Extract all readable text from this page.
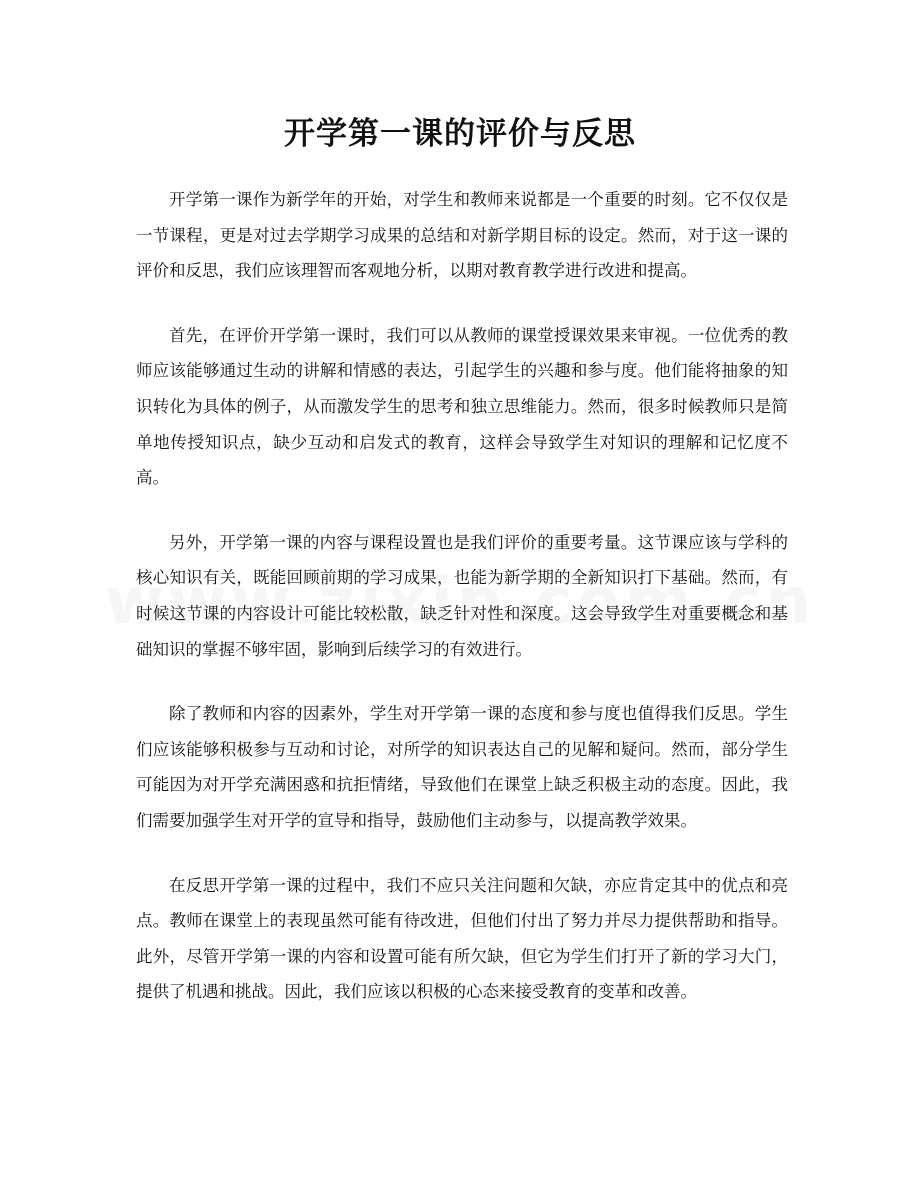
开学第一课的评价与反思

开学第一课作为新学年的开始，对学生和教师来说都是一个重要的时刻。它不仅仅是一节课程，更是对过去学期学习成果的总结和对新学期目标的设定。然而，对于这一课的评价和反思，我们应该理智而客观地分析，以期对教育教学进行改进和提高。

首先，在评价开学第一课时，我们可以从教师的课堂授课效果来审视。一位优秀的教师应该能够通过生动的讲解和情感的表达，引起学生的兴趣和参与度。他们能将抽象的知识转化为具体的例子，从而激发学生的思考和独立思维能力。然而，很多时候教师只是简单地传授知识点，缺少互动和启发式的教育，这样会导致学生对知识的理解和记忆度不高。

另外，开学第一课的内容与课程设置也是我们评价的重要考量。这节课应该与学科的核心知识有关，既能回顾前期的学习成果，也能为新学期的全新知识打下基础。然而，有时候这节课的内容设计可能比较松散，缺乏针对性和深度。这会导致学生对重要概念和基础知识的掌握不够牢固，影响到后续学习的有效进行。

除了教师和内容的因素外，学生对开学第一课的态度和参与度也值得我们反思。学生们应该能够积极参与互动和讨论，对所学的知识表达自己的见解和疑问。然而，部分学生可能因为对开学充满困惑和抗拒情绪，导致他们在课堂上缺乏积极主动的态度。因此，我们需要加强学生对开学的宣导和指导，鼓励他们主动参与，以提高教学效果。

在反思开学第一课的过程中，我们不应只关注问题和欠缺，亦应肯定其中的优点和亮点。教师在课堂上的表现虽然可能有待改进，但他们付出了努力并尽力提供帮助和指导。此外，尽管开学第一课的内容和设置可能有所欠缺，但它为学生们打开了新的学习大门，提供了机遇和挑战。因此，我们应该以积极的心态来接受教育的变革和改善。
